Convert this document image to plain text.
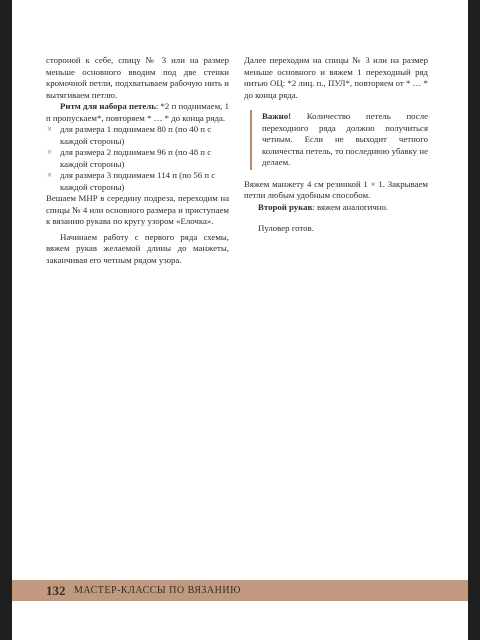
стороной к себе, спицу № 3 или на размер меньше основного вводим под две стенки кромочной петли, подхватываем рабочую нить и вытягиваем петлю.

Ритм для набора петель: *2 п поднимаем, 1 п пропускаем*, повторяем * … * до конца ряда.

× для размера 1 поднимаем 80 п (по 40 п с каждой стороны)
× для размера 2 поднимаем 96 п (по 48 п с каждой стороны)
× для размера 3 поднимаем 114 п (по 56 п с каждой стороны)

Вешаем МНР в середину подреза, переходим на спицы № 4 или основного размера и приступаем к вязанию рукава по кругу узором «Елочка».

Начинаем работу с первого ряда схемы, вяжем рукав желаемой длины до манжеты, заканчивая его четным рядом узора.

Далее переходим на спицы № 3 или на размер меньше основного и вяжем 1 переходный ряд нитью ОЦ: *2 лиц. п., ПУЛ*, повторяем от * … * до конца ряда.

Важно! Количество петель после переходного ряда должно получиться четным. Если не выходит четного количества петель, то последнюю убавку не делаем.

Вяжем манжету 4 см резинкой 1 × 1. Закрываем петли любым удобным способом.

Второй рукав: вяжем аналогично.

Пуловер готов.

132 МАСТЕР-КЛАССЫ ПО ВЯЗАНИЮ
